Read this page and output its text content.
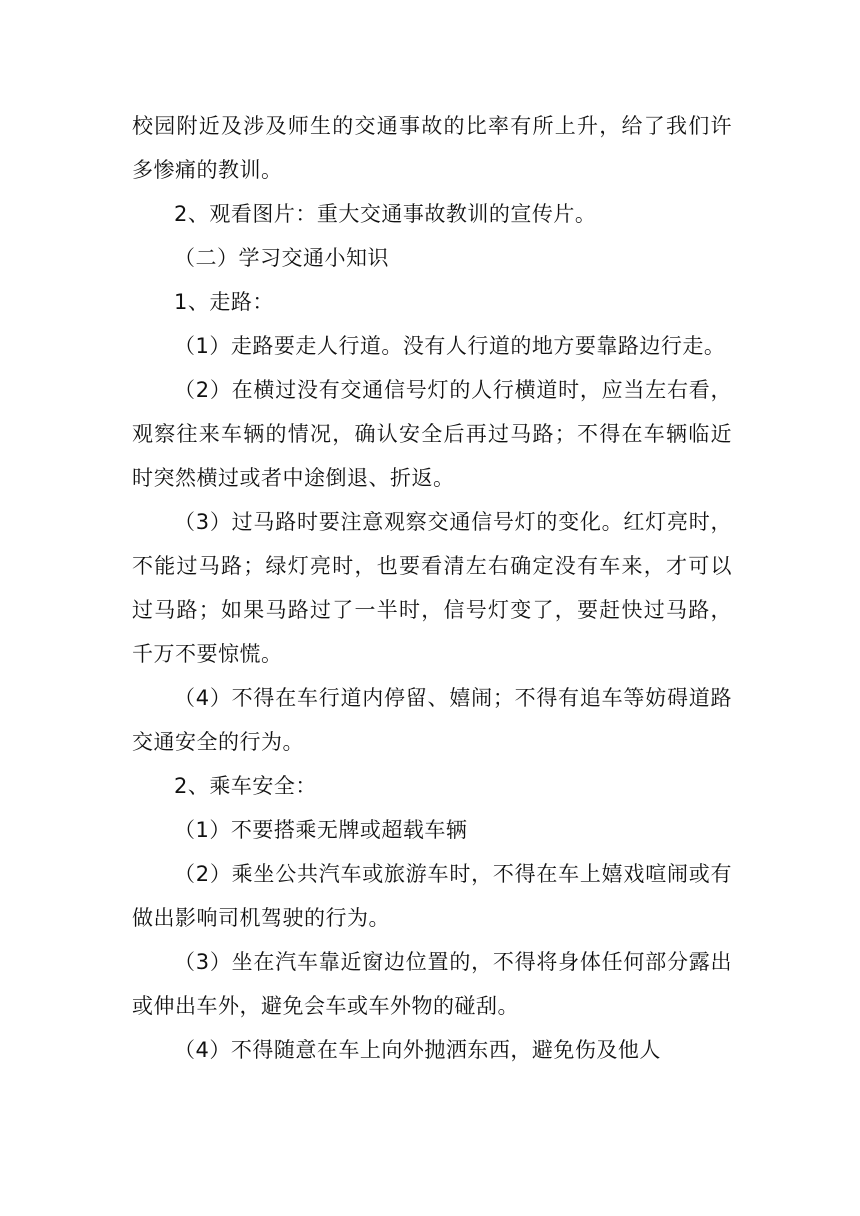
校园附近及涉及师生的交通事故的比率有所上升，给了我们许多惨痛的教训。

2、观看图片：重大交通事故教训的宣传片。

（二）学习交通小知识

1、走路：

（1）走路要走人行道。没有人行道的地方要靠路边行走。

（2）在横过没有交通信号灯的人行横道时，应当左右看，观察往来车辆的情况，确认安全后再过马路；不得在车辆临近时突然横过或者中途倒退、折返。

（3）过马路时要注意观察交通信号灯的变化。红灯亮时，不能过马路；绿灯亮时，也要看清左右确定没有车来，才可以过马路；如果马路过了一半时，信号灯变了，要赶快过马路，千万不要惊慌。

（4）不得在车行道内停留、嬉闹；不得有追车等妨碍道路交通安全的行为。

2、乘车安全：

（1）不要搭乘无牌或超载车辆

（2）乘坐公共汽车或旅游车时，不得在车上嬉戏喧闹或有做出影响司机驾驶的行为。

（3）坐在汽车靠近窗边位置的，不得将身体任何部分露出或伸出车外，避免会车或车外物的碰刮。

（4）不得随意在车上向外抛洒东西，避免伤及他人
